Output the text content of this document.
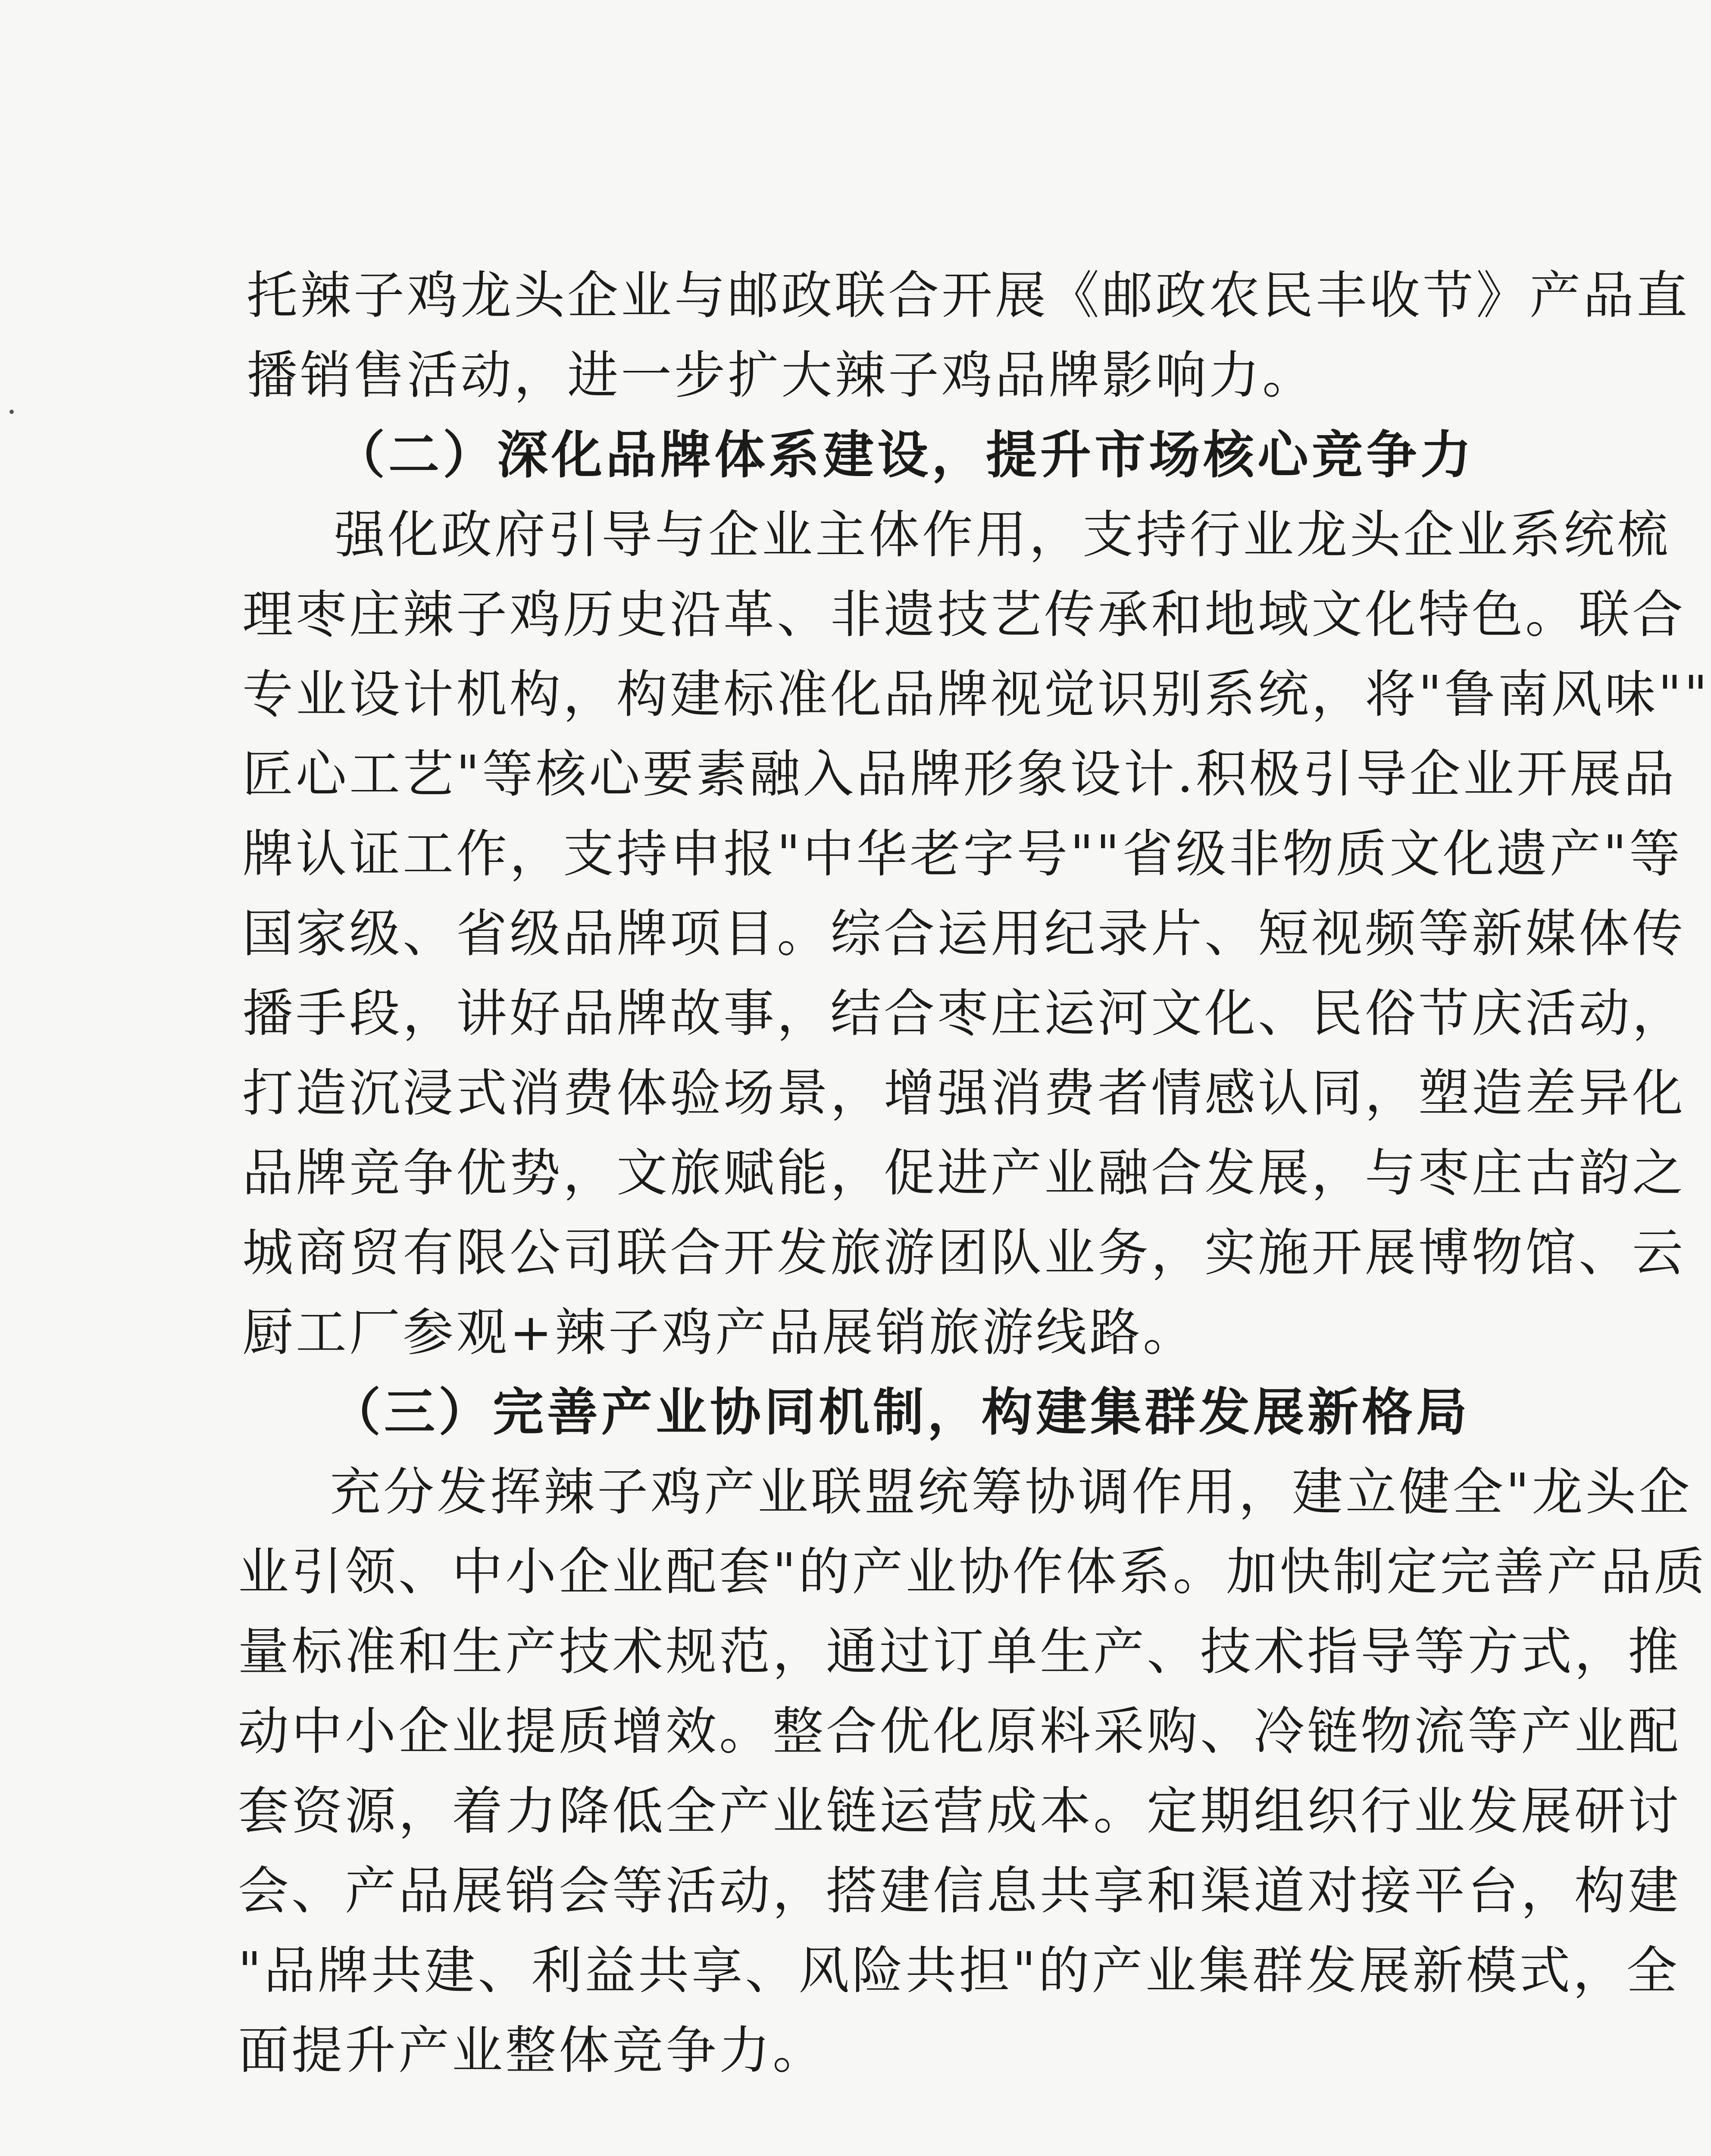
托辣子鸡龙头企业与邮政联合开展《邮政农民丰收节》产品直
播销售活动，进一步扩大辣子鸡品牌影响力。
（二）深化品牌体系建设，提升市场核心竞争力
强化政府引导与企业主体作用，支持行业龙头企业系统梳
理枣庄辣子鸡历史沿革、非遗技艺传承和地域文化特色。联合
专业设计机构，构建标准化品牌视觉识别系统，将"鲁南风味""
匠心工艺"等核心要素融入品牌形象设计.积极引导企业开展品
牌认证工作，支持申报"中华老字号""省级非物质文化遗产"等
国家级、省级品牌项目。综合运用纪录片、短视频等新媒体传
播手段，讲好品牌故事，结合枣庄运河文化、民俗节庆活动，
打造沉浸式消费体验场景，增强消费者情感认同，塑造差异化
品牌竞争优势，文旅赋能，促进产业融合发展，与枣庄古韵之
城商贸有限公司联合开发旅游团队业务，实施开展博物馆、云
厨工厂参观+辣子鸡产品展销旅游线路。
（三）完善产业协同机制，构建集群发展新格局
充分发挥辣子鸡产业联盟统筹协调作用，建立健全"龙头企
业引领、中小企业配套"的产业协作体系。加快制定完善产品质
量标准和生产技术规范，通过订单生产、技术指导等方式，推
动中小企业提质增效。整合优化原料采购、冷链物流等产业配
套资源，着力降低全产业链运营成本。定期组织行业发展研讨
会、产品展销会等活动，搭建信息共享和渠道对接平台，构建
"品牌共建、利益共享、风险共担"的产业集群发展新模式，全
面提升产业整体竞争力。
